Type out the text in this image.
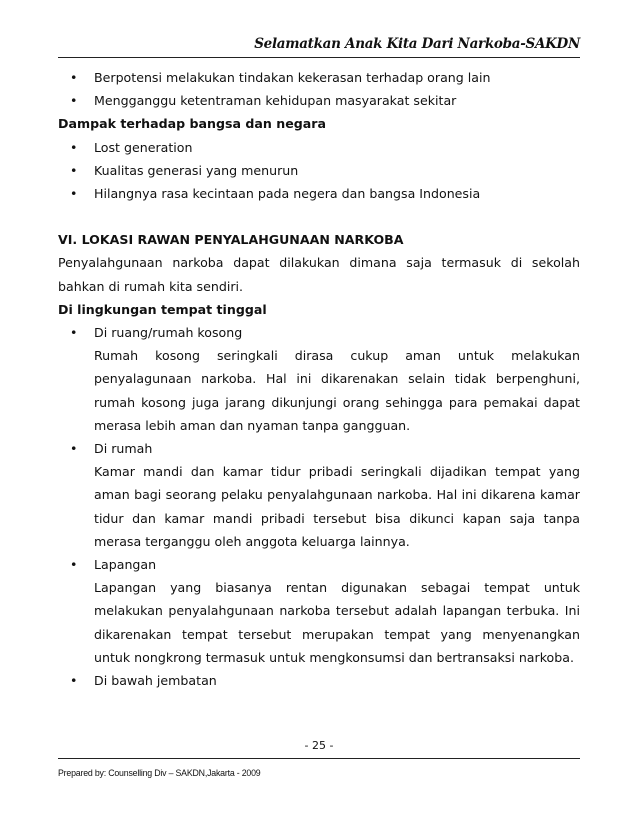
Selamatkan Anak Kita Dari Narkoba-SAKDN
• Berpotensi melakukan tindakan kekerasan terhadap orang lain
• Mengganggu ketentraman kehidupan masyarakat sekitar
Dampak terhadap bangsa dan negara
• Lost generation
• Kualitas generasi yang menurun
• Hilangnya rasa kecintaan pada negera dan bangsa Indonesia
VI. LOKASI RAWAN PENYALAHGUNAAN NARKOBA
Penyalahgunaan narkoba dapat dilakukan dimana saja termasuk di sekolah bahkan di rumah kita sendiri.
Di lingkungan tempat tinggal
• Di ruang/rumah kosong
Rumah kosong seringkali dirasa cukup aman untuk melakukan penyalagunaan narkoba. Hal ini dikarenakan selain tidak berpenghuni, rumah kosong juga jarang dikunjungi orang sehingga para pemakai dapat merasa lebih aman dan nyaman tanpa gangguan.
• Di rumah
Kamar mandi dan kamar tidur pribadi seringkali dijadikan tempat yang aman bagi seorang pelaku penyalahgunaan narkoba. Hal ini dikarena kamar tidur dan kamar mandi pribadi tersebut bisa dikunci kapan saja tanpa merasa terganggu oleh anggota keluarga lainnya.
• Lapangan
Lapangan yang biasanya rentan digunakan sebagai tempat untuk melakukan penyalahgunaan narkoba tersebut adalah lapangan terbuka. Ini dikarenakan tempat tersebut merupakan tempat yang menyenangkan untuk nongkrong termasuk untuk mengkonsumsi dan bertransaksi narkoba.
• Di bawah jembatan
- 25 -
Prepared by: Counselling Div – SAKDN,Jakarta - 2009
